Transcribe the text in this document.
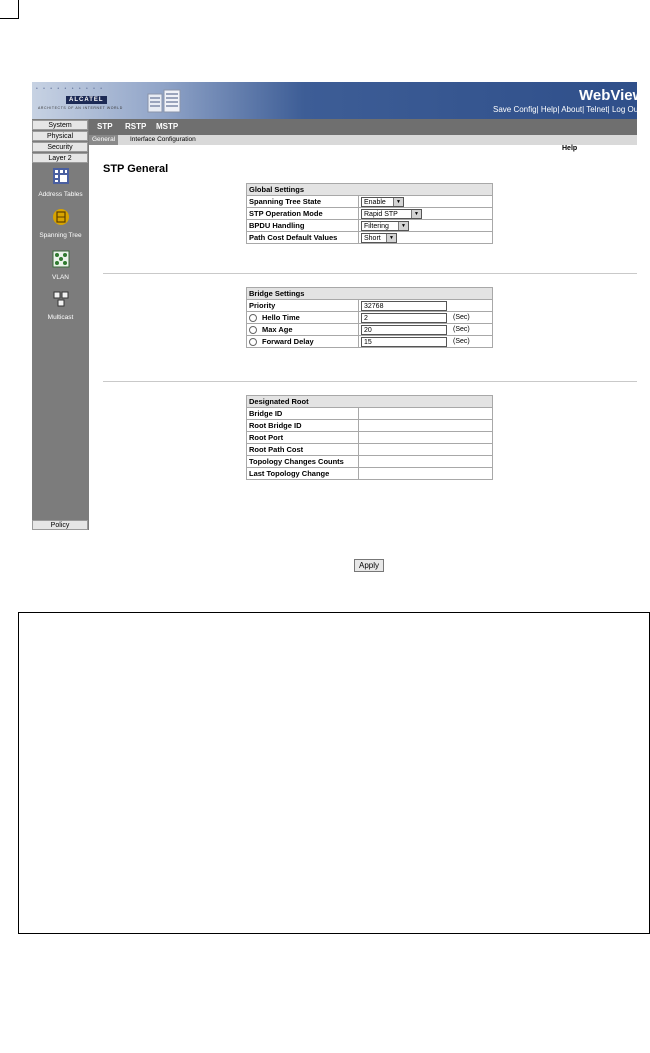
• • • • • • • • • •
ALCATEL
ARCHITECTS OF AN INTERNET WORLD
WebView
Save Config| Help| About| Telnet| Log Out
System
Physical
Security
Layer 2
Address Tables
Spanning Tree
VLAN
Multicast
Policy
STP RSTP MSTP
General	Interface Configuration
Help
STP General
Global Settings	
Spanning Tree State	Enable ▼

STP Operation Mode	Rapid STP ▼

BPDU Handling	Filtering ▼

Path Cost Default Values	Short ▼
Bridge Settings	
Priority	32768
Hello Time	2 (Sec)
Max Age	20 (Sec)
Forward Delay	15 (Sec)
Designated Root	
Bridge ID	
Root Bridge ID	
Root Port	
Root Path Cost	
Topology Changes Counts	
Last Topology Change	
Apply
